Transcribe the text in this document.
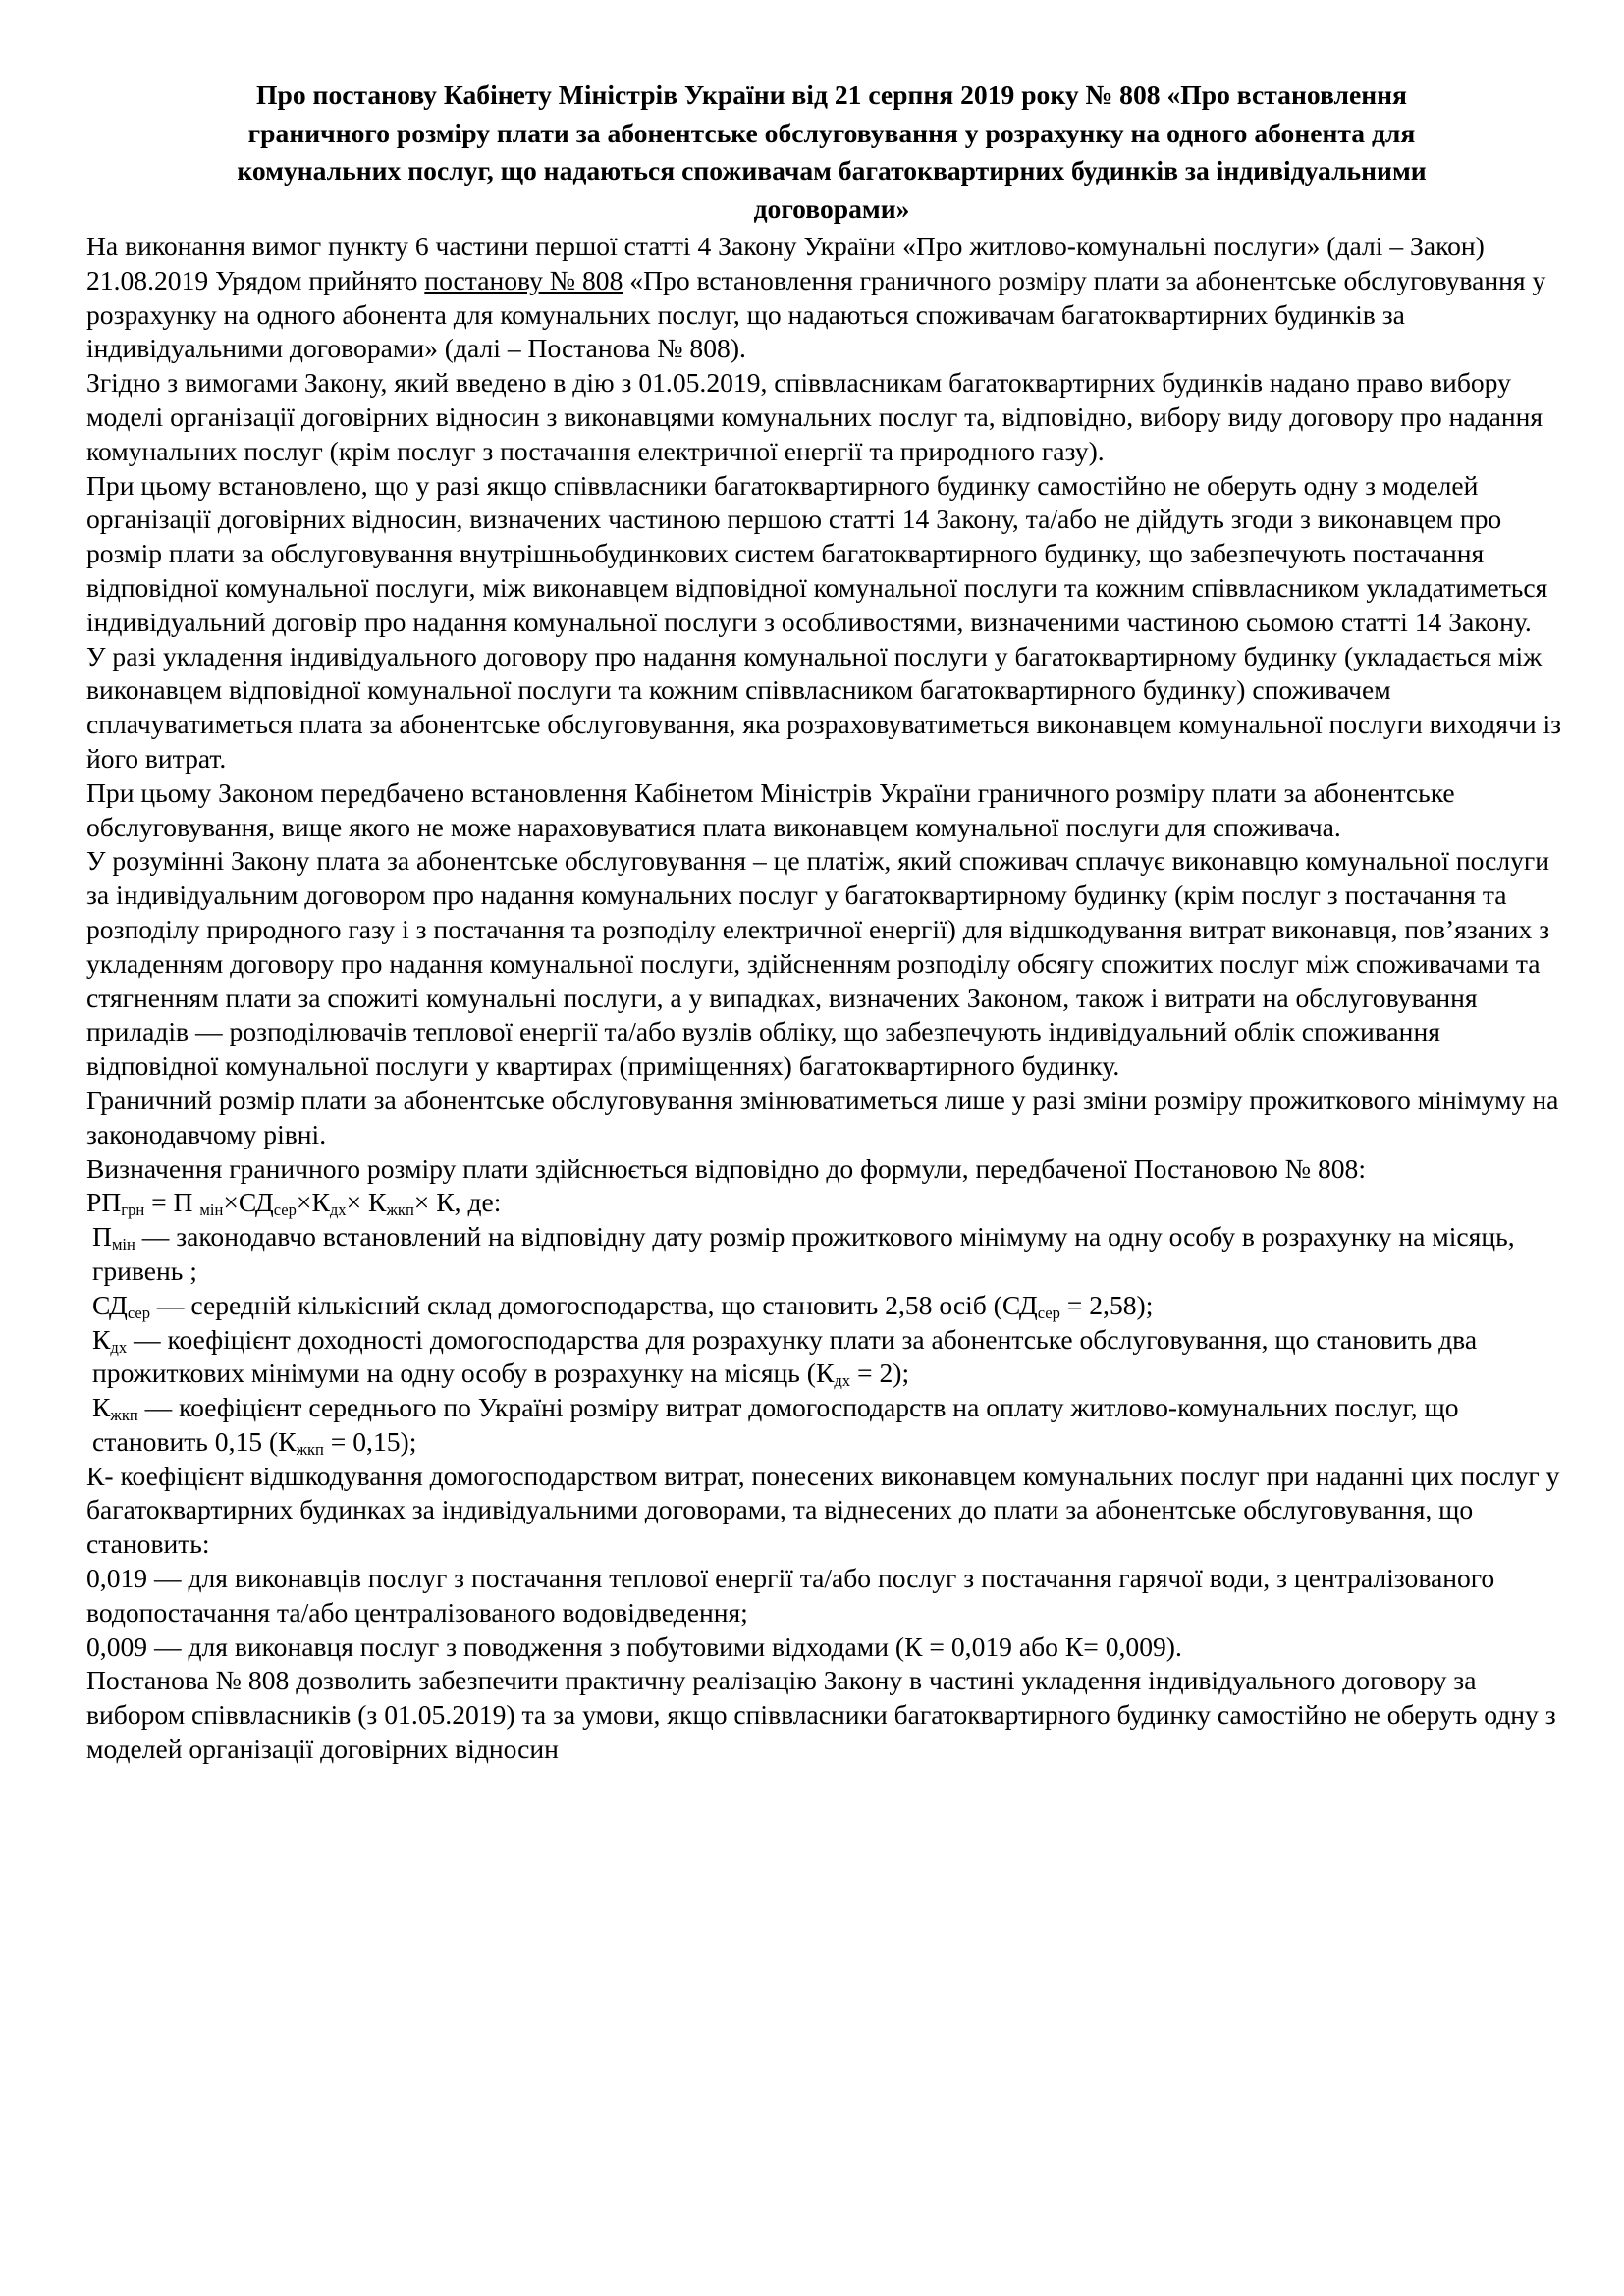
Про постанову Кабінету Міністрів України від 21 серпня 2019 року № 808 «Про встановлення
граничного розміру плати за абонентське обслуговування у розрахунку на одного абонента для
комунальних послуг, що надаються споживачам багатоквартирних будинків за індивідуальними
договорами»

На виконання вимог пункту 6 частини першої статті 4 Закону України «Про житлово-комунальні послуги» (далі – Закон) 21.08.2019 Урядом прийнято постанову № 808 «Про встановлення граничного розміру плати за абонентське обслуговування у розрахунку на одного абонента для комунальних послуг, що надаються споживачам багатоквартирних будинків за індивідуальними договорами» (далі – Постанова № 808).

Згідно з вимогами Закону, який введено в дію з 01.05.2019, співвласникам багатоквартирних будинків надано право вибору моделі організації договірних відносин з виконавцями комунальних послуг та, відповідно, вибору виду договору про надання комунальних послуг (крім послуг з постачання електричної енергії та природного газу).

При цьому встановлено, що у разі якщо співвласники багатоквартирного будинку самостійно не оберуть одну з моделей організації договірних відносин, визначених частиною першою статті 14 Закону, та/або не дійдуть згоди з виконавцем про розмір плати за обслуговування внутрішньобудинкових систем багатоквартирного будинку, що забезпечують постачання відповідної комунальної послуги, між виконавцем відповідної комунальної послуги та кожним співвласником укладатиметься індивідуальний договір про надання комунальної послуги з особливостями, визначеними частиною сьомою статті 14 Закону.

У разі укладення індивідуального договору про надання комунальної послуги у багатоквартирному будинку (укладається між виконавцем відповідної комунальної послуги та кожним співвласником багатоквартирного будинку) споживачем сплачуватиметься плата за абонентське обслуговування, яка розраховуватиметься виконавцем комунальної послуги виходячи із його витрат.

При цьому Законом передбачено встановлення Кабінетом Міністрів України граничного розміру плати за абонентське обслуговування, вище якого не може нараховуватися плата виконавцем комунальної послуги для споживача.

У розумінні Закону плата за абонентське обслуговування – це платіж, який споживач сплачує виконавцю комунальної послуги за індивідуальним договором про надання комунальних послуг у багатоквартирному будинку (крім послуг з постачання та розподілу природного газу і з постачання та розподілу електричної енергії) для відшкодування витрат виконавця, пов’язаних з укладенням договору про надання комунальної послуги, здійсненням розподілу обсягу спожитих послуг між споживачами та стягненням плати за спожиті комунальні послуги, а у випадках, визначених Законом, також і витрати на обслуговування приладів — розподілювачів теплової енергії та/або вузлів обліку, що забезпечують індивідуальний облік споживання відповідної комунальної послуги у квартирах (приміщеннях) багатоквартирного будинку.

Граничний розмір плати за абонентське обслуговування змінюватиметься лише у разі зміни розміру прожиткового мінімуму на законодавчому рівні.

Визначення граничного розміру плати здійснюється відповідно до формули, передбаченої Постановою № 808:

$РП_{грн} = П$ $_{мін}\times СД_{сер}\times К_{дх}\times К_{жкп}\times К$, де:

$П_{мін}$ — законодавчо встановлений на відповідну дату розмір прожиткового мінімуму на одну особу в розрахунку на місяць, гривень ;

$СД_{сер}$ — середній кількісний склад домогосподарства, що становить 2,58 осіб $(СД_{сер} = 2,58)$;

$К_{дх}$ — коефіцієнт доходності домогосподарства для розрахунку плати за абонентське обслуговування, що становить два прожиткових мінімуми на одну особу в розрахунку на місяць $(К_{дх} = 2)$;

$К_{жкп}$ — коефіцієнт середнього по Україні розміру витрат домогосподарств на оплату житлово-комунальних послуг, що становить 0,15 $(К_{жкп} = 0,15)$;

К- коефіцієнт відшкодування домогосподарством витрат, понесених виконавцем комунальних послуг при наданні цих послуг у багатоквартирних будинках за індивідуальними договорами, та віднесених до плати за абонентське обслуговування, що становить:

0,019 — для виконавців послуг з постачання теплової енергії та/або послуг з постачання гарячої води, з централізованого водопостачання та/або централізованого водовідведення;

0,009 — для виконавця послуг з поводження з побутовими відходами (К = 0,019 або К= 0,009).

Постанова № 808 дозволить забезпечити практичну реалізацію Закону в частині укладення індивідуального договору за вибором співвласників (з 01.05.2019) та за умови, якщо співвласники багатоквартирного будинку самостійно не оберуть одну з моделей організації договірних відносин
